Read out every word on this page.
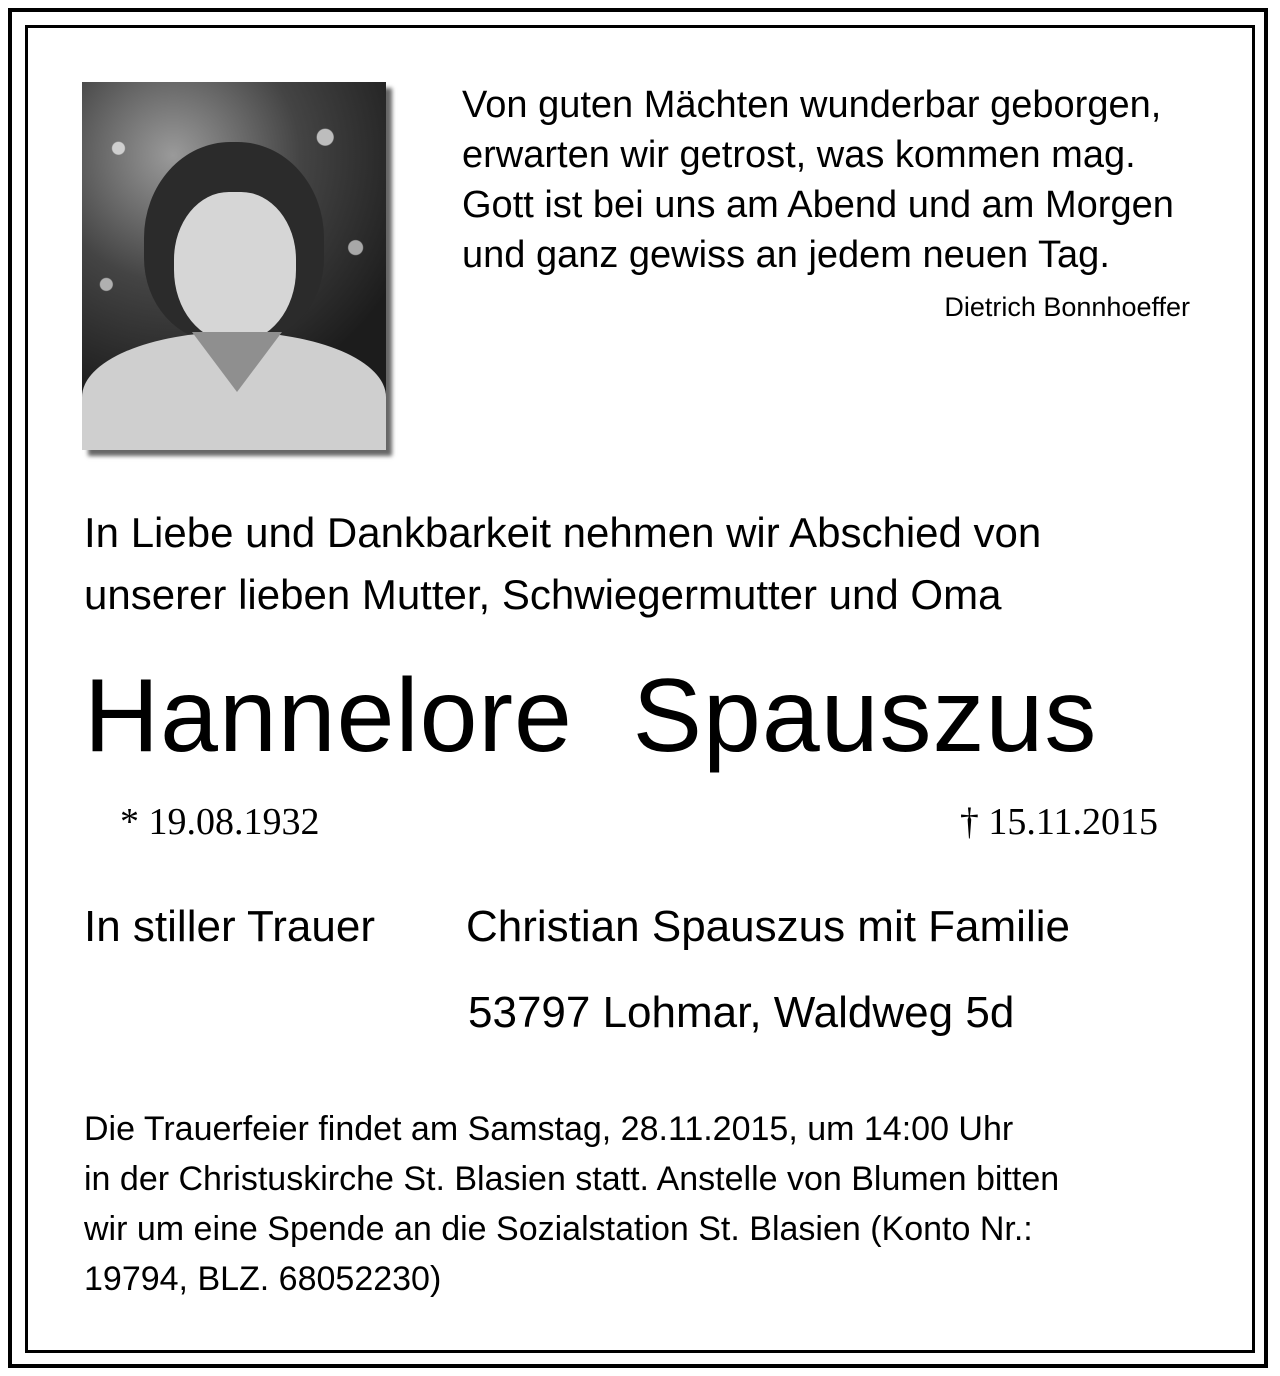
Von guten Mächten wunderbar geborgen,
erwarten wir getrost, was kommen mag.
Gott ist bei uns am Abend und am Morgen
und ganz gewiss an jedem neuen Tag.
Dietrich Bonnhoeffer
In Liebe und Dankbarkeit nehmen wir Abschied von
unserer lieben Mutter, Schwiegermutter und Oma
Hannelore  Spauszus
* 19.08.1932	† 15.11.2015
In stiller Trauer Christian Spauszus mit Familie
53797 Lohmar, Waldweg 5d
Die Trauerfeier findet am Samstag, 28.11.2015, um 14:00 Uhr
in der Christuskirche St. Blasien statt. Anstelle von Blumen bitten
wir um eine Spende an die Sozialstation St. Blasien (Konto Nr.:
19794, BLZ. 68052230)
